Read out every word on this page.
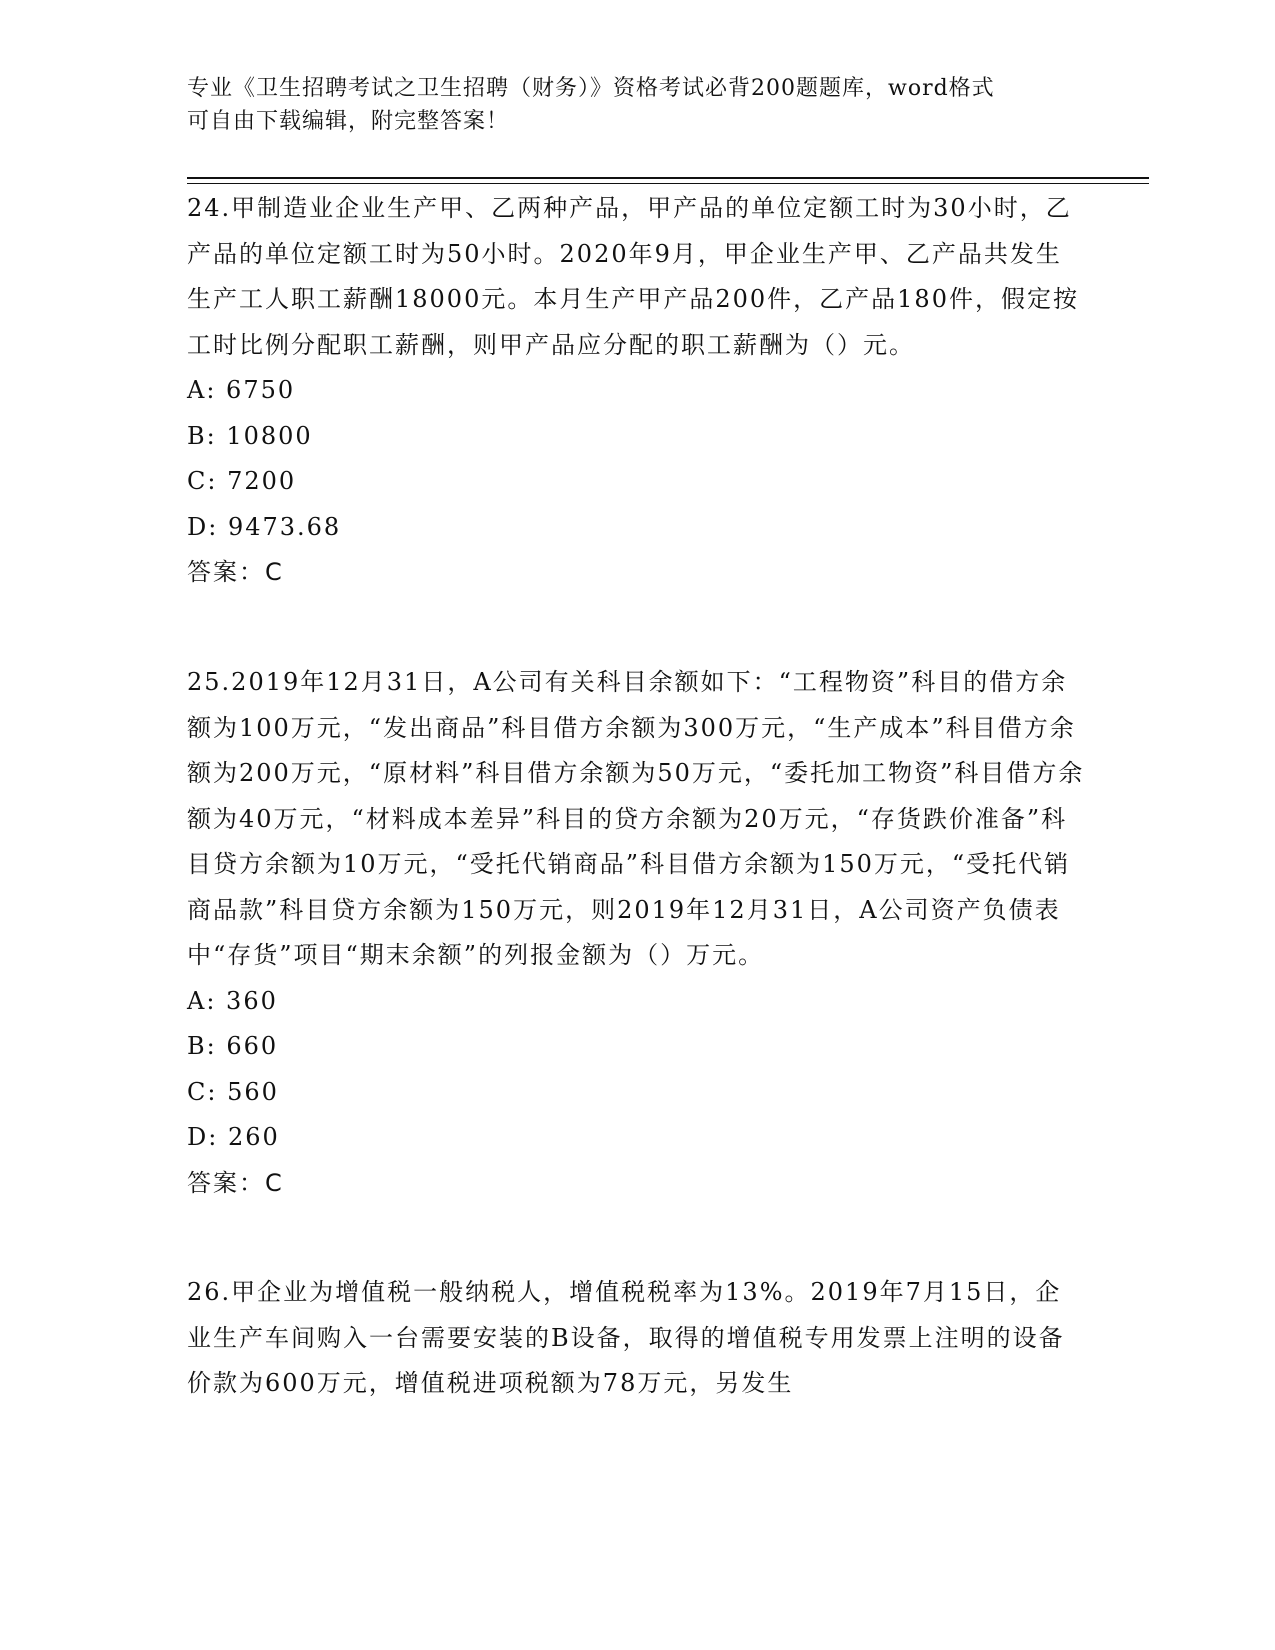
专业《卫生招聘考试之卫生招聘（财务）》资格考试必背200题题库，word格式
可自由下载编辑，附完整答案！
24.甲制造业企业生产甲、乙两种产品，甲产品的单位定额工时为30小时，乙产品的单位定额工时为50小时。2020年9月，甲企业生产甲、乙产品共发生生产工人职工薪酬18000元。本月生产甲产品200件，乙产品180件，假定按工时比例分配职工薪酬，则甲产品应分配的职工薪酬为（）元。
A: 6750
B: 10800
C: 7200
D: 9473.68
答案：C
25.2019年12月31日，A公司有关科目余额如下：“工程物资”科目的借方余额为100万元，“发出商品”科目借方余额为300万元，“生产成本”科目借方余额为200万元，“原材料”科目借方余额为50万元，“委托加工物资”科目借方余额为40万元，“材料成本差异”科目的贷方余额为20万元，“存货跌价准备”科目贷方余额为10万元，“受托代销商品”科目借方余额为150万元，“受托代销商品款”科目贷方余额为150万元，则2019年12月31日，A公司资产负债表中“存货”项目“期末余额”的列报金额为（）万元。
A: 360
B: 660
C: 560
D: 260
答案：C
26.甲企业为增值税一般纳税人，增值税税率为13%。2019年7月15日，企业生产车间购入一台需要安装的B设备，取得的增值税专用发票上注明的设备价款为600万元，增值税进项税额为78万元，另发生
